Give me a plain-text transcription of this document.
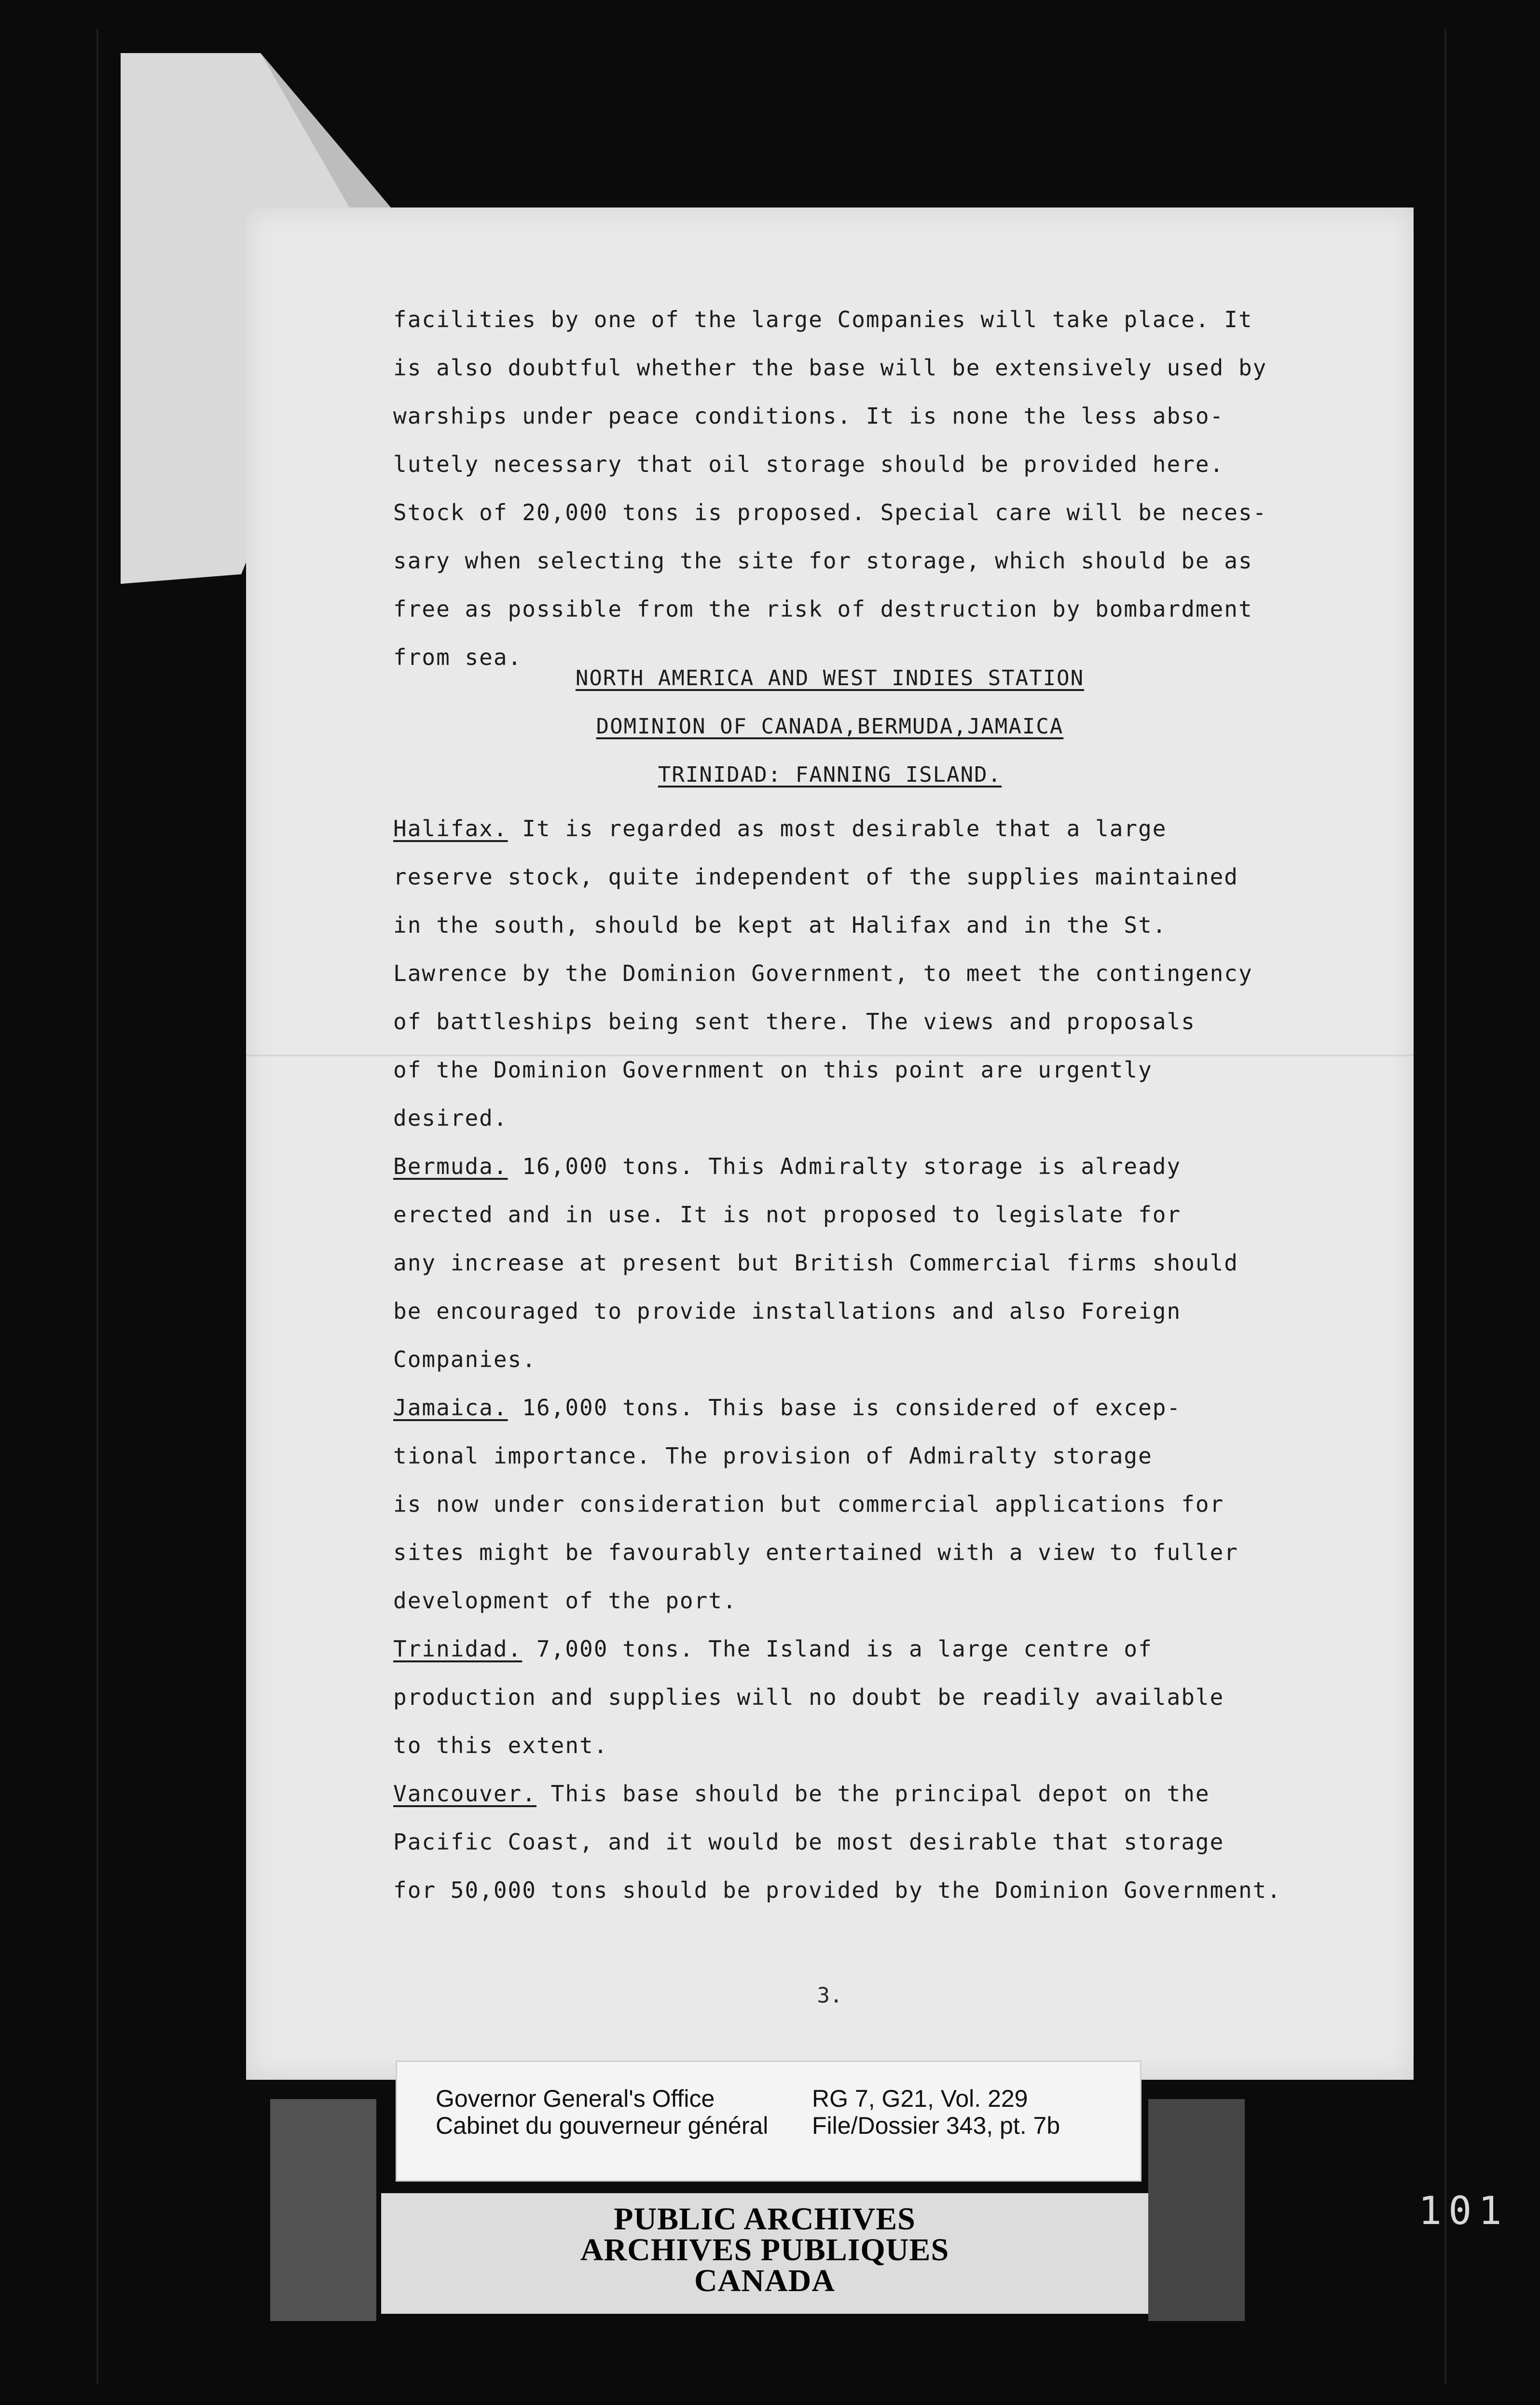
facilities by one of the large Companies will take place. It
is also doubtful whether the base will be extensively used by
warships under peace conditions. It is none the less abso-
lutely necessary that oil storage should be provided here.
Stock of 20,000 tons is proposed. Special care will be neces-
sary when selecting the site for storage, which should be as
free as possible from the risk of destruction by bombardment
from sea.
NORTH AMERICA AND WEST INDIES STATION
DOMINION OF CANADA,BERMUDA,JAMAICA
TRINIDAD: FANNING ISLAND.
Halifax. It is regarded as most desirable that a large
reserve stock, quite independent of the supplies maintained
in the south, should be kept at Halifax and in the St.
Lawrence by the Dominion Government, to meet the contingency
of battleships being sent there. The views and proposals
of the Dominion Government on this point are urgently
desired.
Bermuda. 16,000 tons. This Admiralty storage is already
erected and in use. It is not proposed to legislate for
any increase at present but British Commercial firms should
be encouraged to provide installations and also Foreign
Companies.
Jamaica. 16,000 tons. This base is considered of excep-
tional importance. The provision of Admiralty storage
is now under consideration but commercial applications for
sites might be favourably entertained with a view to fuller
development of the port.
Trinidad. 7,000 tons. The Island is a large centre of
production and supplies will no doubt be readily available
to this extent.
Vancouver. This base should be the principal depot on the
Pacific Coast, and it would be most desirable that storage
for 50,000 tons should be provided by the Dominion Government.
3.
Governor General's Office
Cabinet du gouverneur général
RG 7, G21, Vol. 229
File/Dossier 343, pt. 7b
PUBLIC ARCHIVES
ARCHIVES PUBLIQUES
CANADA
101
